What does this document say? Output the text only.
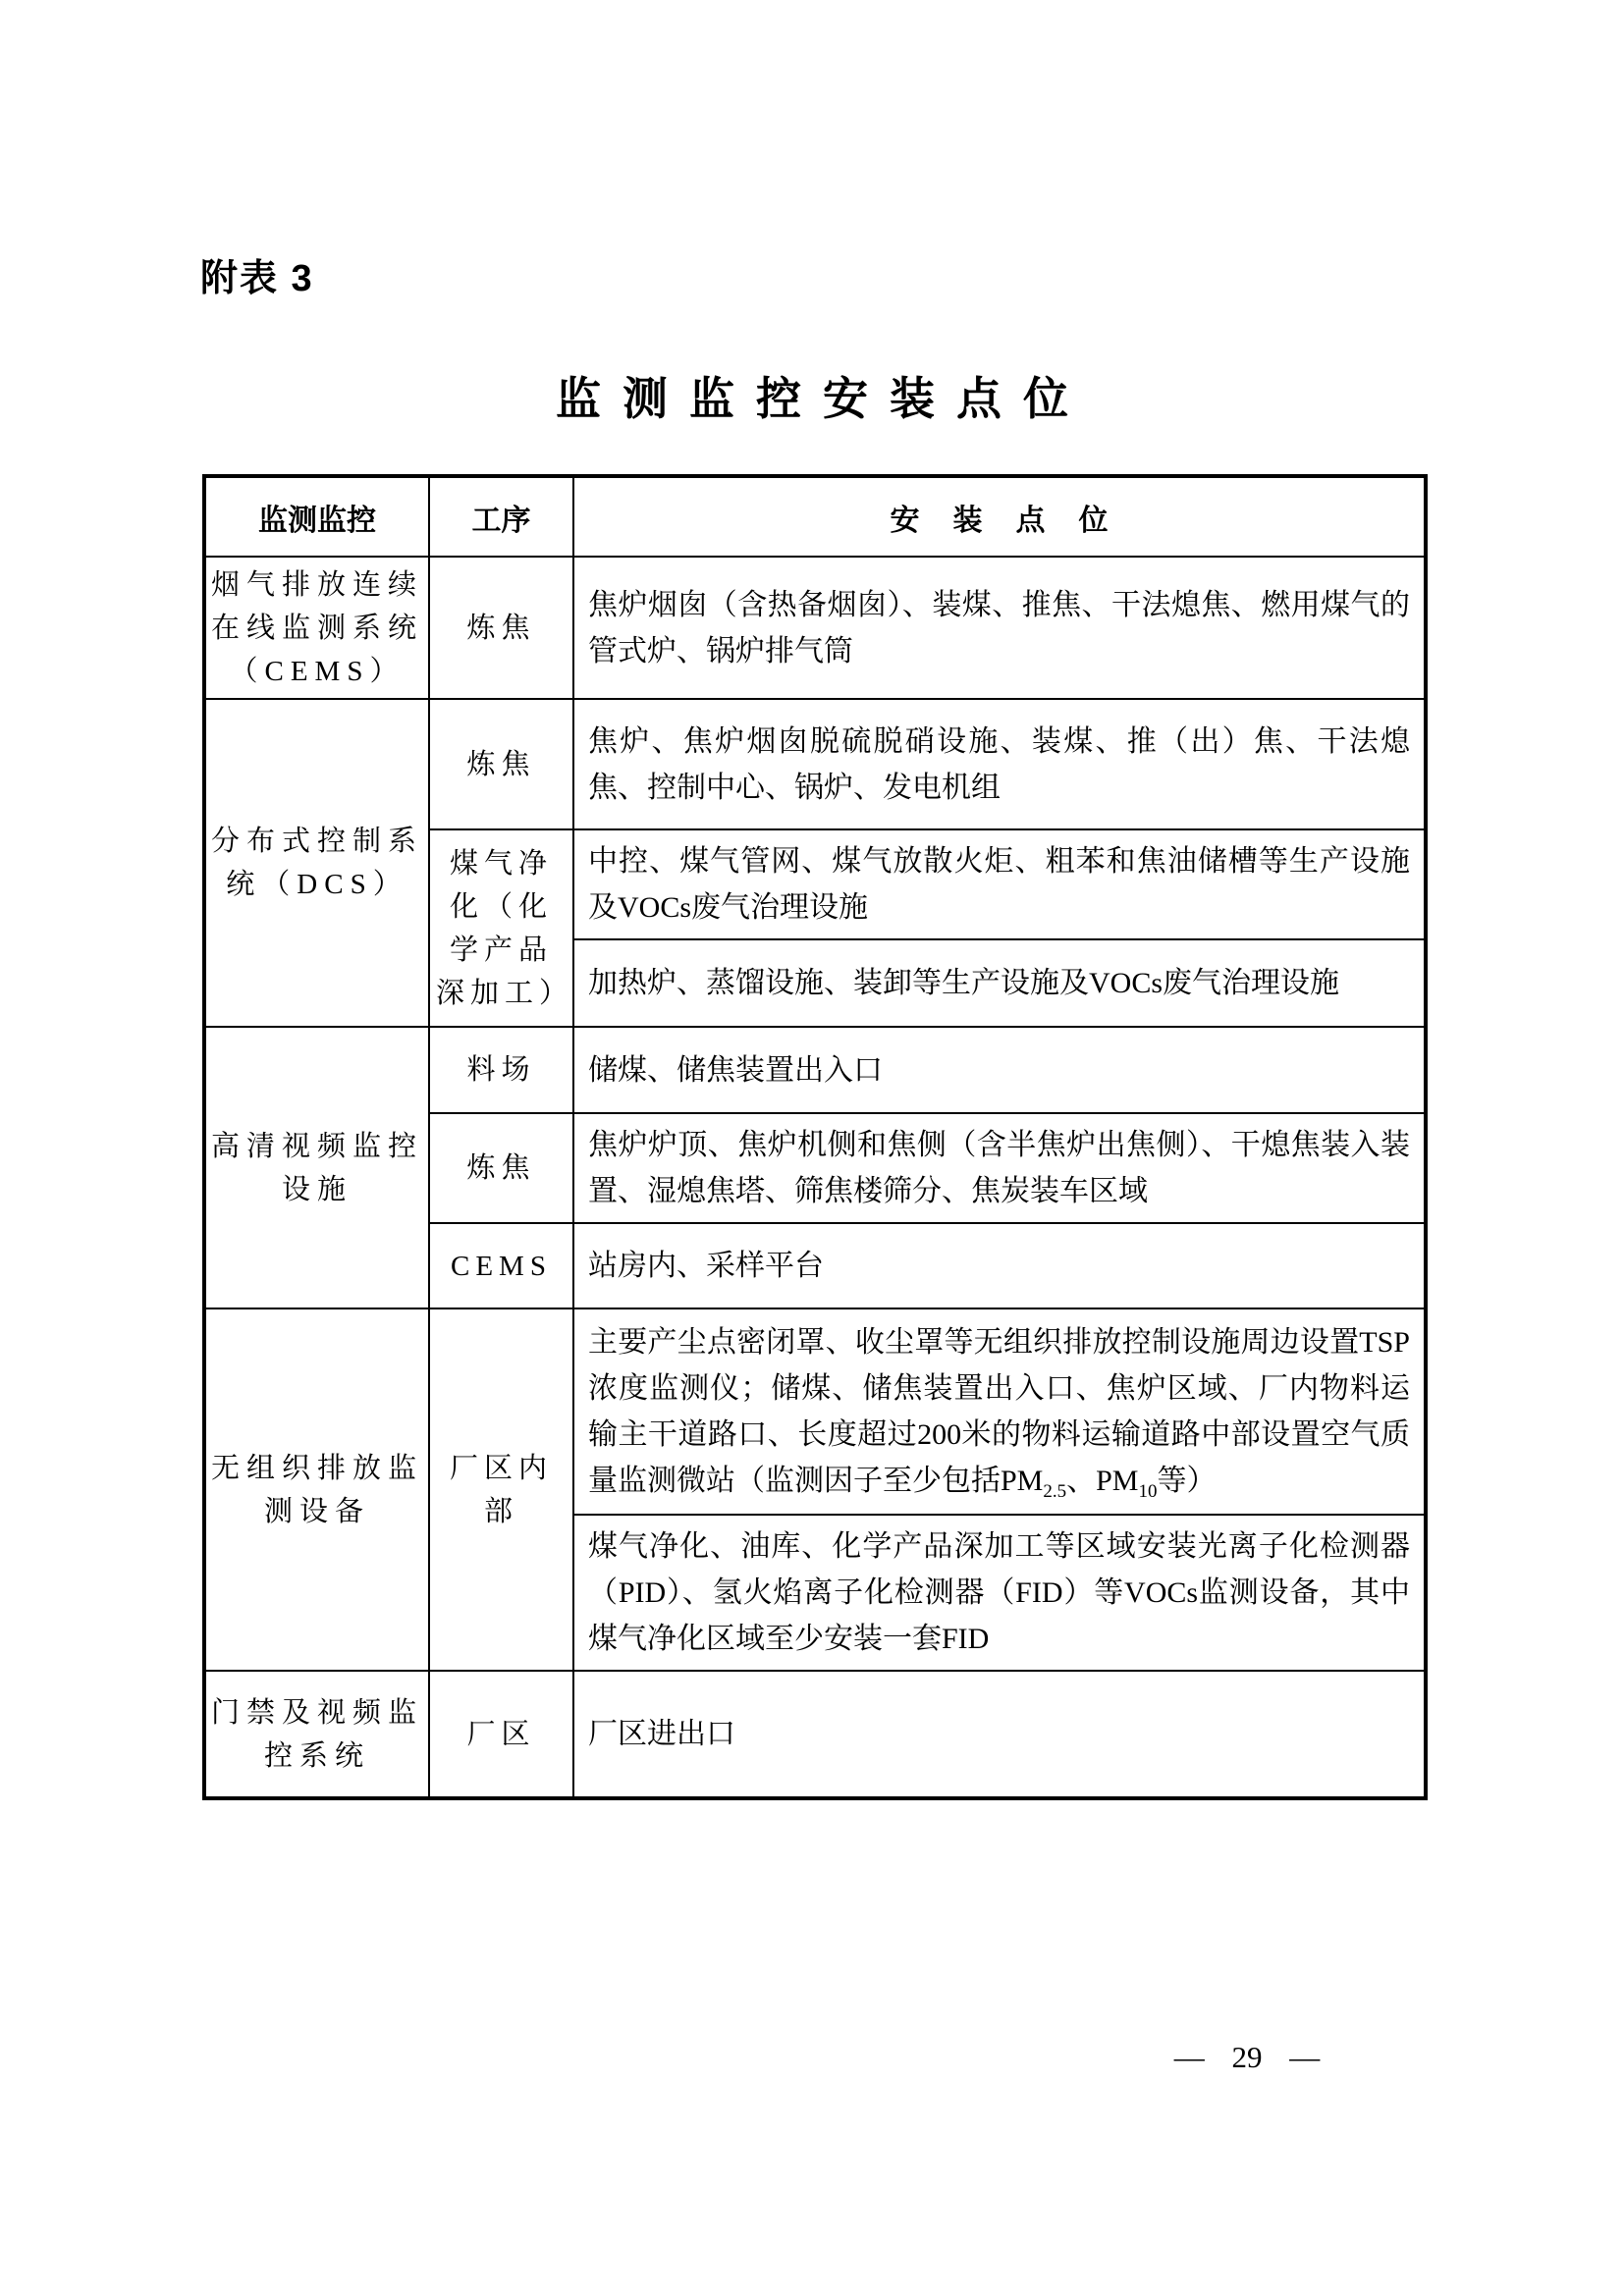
附表 3
监测监控安装点位
监测监控	工序	安装点位
烟气排放连续在线监测系统（CEMS）	炼焦	焦炉烟囱（含热备烟囱）、装煤、推焦、干法熄焦、燃用煤气的管式炉、锅炉排气筒
分布式控制系统（DCS）	炼焦	焦炉、焦炉烟囱脱硫脱硝设施、装煤、推（出）焦、干法熄焦、控制中心、锅炉、发电机组
	煤气净化（化学产品深加工）	中控、煤气管网、煤气放散火炬、粗苯和焦油储槽等生产设施及VOCs废气治理设施
		加热炉、蒸馏设施、装卸等生产设施及VOCs废气治理设施
高清视频监控设施	料场	储煤、储焦装置出入口
	炼焦	焦炉炉顶、焦炉机侧和焦侧（含半焦炉出焦侧）、干熄焦装入装置、湿熄焦塔、筛焦楼筛分、焦炭装车区域
	CEMS	站房内、采样平台
无组织排放监测设备	厂区内部	主要产尘点密闭罩、收尘罩等无组织排放控制设施周边设置TSP浓度监测仪；储煤、储焦装置出入口、焦炉区域、厂内物料运输主干道路口、长度超过200米的物料运输道路中部设置空气质量监测微站（监测因子至少包括$PM_{2.5}$、$PM_{10}$等）
		煤气净化、油库、化学产品深加工等区域安装光离子化检测器（PID）、氢火焰离子化检测器（FID）等VOCs监测设备，其中煤气净化区域至少安装一套FID
门禁及视频监控系统	厂区	厂区进出口
— 29 —
